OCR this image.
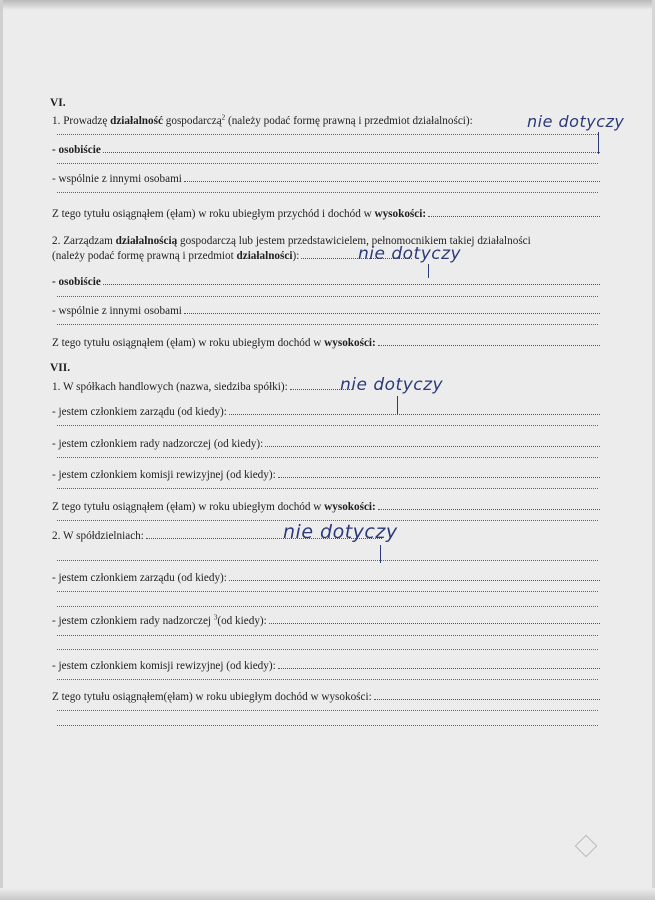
VI.
1. Prowadzę działalność gospodarczą$^2$ (należy podać formę prawną i przedmiot działalności):	nie dotyczy
- osobiście
- wspólnie z innymi osobami
Z tego tytułu osiągnąłem (ęłam) w roku ubiegłym przychód i dochód w wysokości:
2. Zarządzam działalnością gospodarczą lub jestem przedstawicielem, pełnomocnikiem takiej działalności
(należy podać formę prawną i przedmiot działalności):	nie dotyczy
- osobiście
- wspólnie z innymi osobami
Z tego tytułu osiągnąłem (ęłam) w roku ubiegłym dochód w wysokości:
VII.
1. W spółkach handlowych (nazwa, siedziba spółki):	nie dotyczy
- jestem członkiem zarządu (od kiedy):
- jestem członkiem rady nadzorczej (od kiedy):
- jestem członkiem komisji rewizyjnej (od kiedy):
Z tego tytułu osiągnąłem (ęłam) w roku ubiegłym dochód w wysokości:
2. W spółdzielniach:	nie dotyczy
- jestem członkiem zarządu (od kiedy):
- jestem członkiem rady nadzorczej $^3$(od kiedy):
- jestem członkiem komisji rewizyjnej (od kiedy):
Z tego tytułu osiągnąłem(ęłam) w roku ubiegłym dochód w wysokości:
